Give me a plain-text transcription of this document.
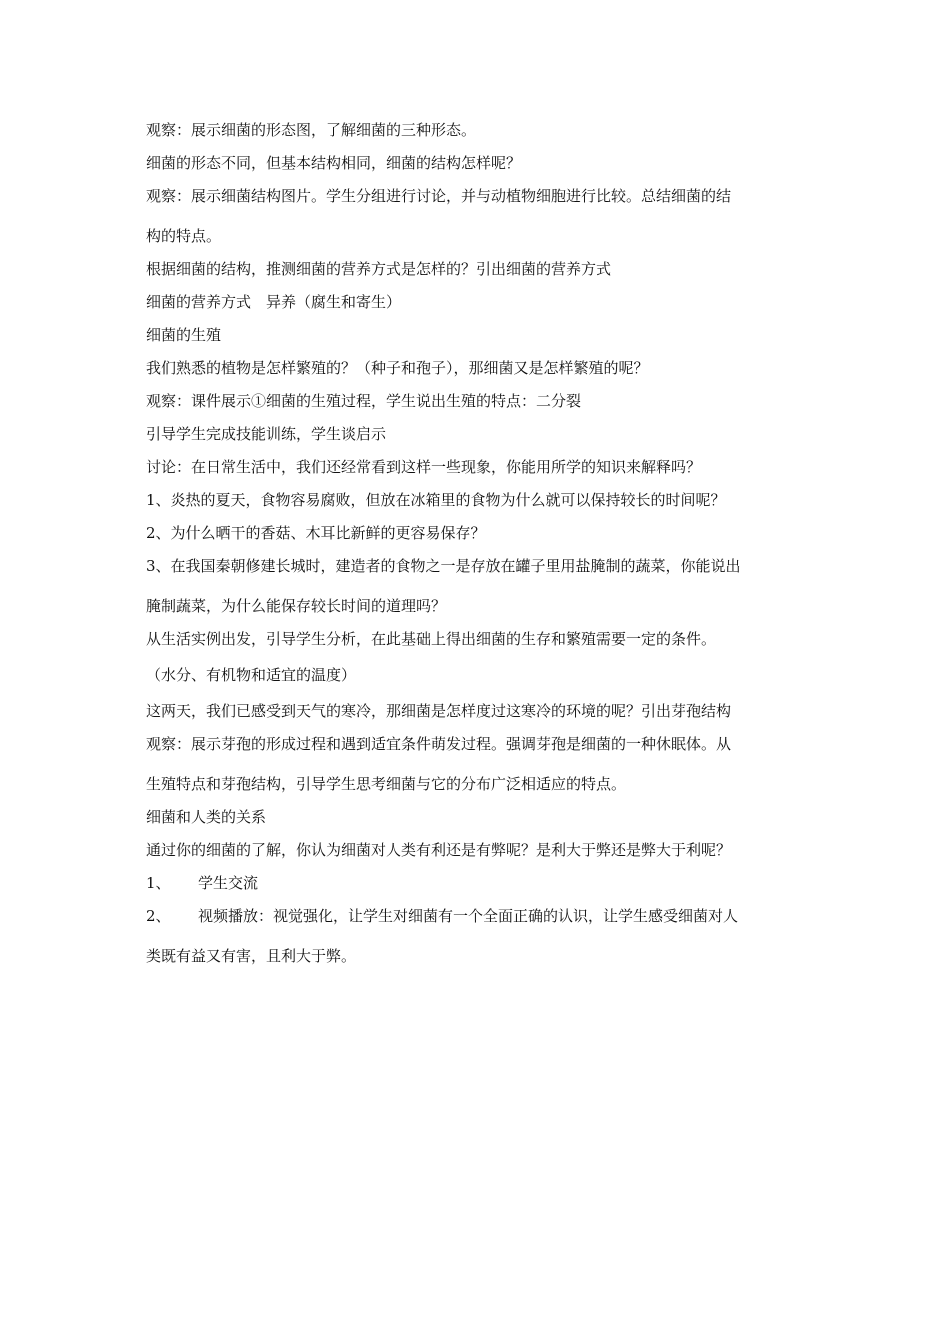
观察：展示细菌的形态图，了解细菌的三种形态。
细菌的形态不同，但基本结构相同，细菌的结构怎样呢？
观察：展示细菌结构图片。学生分组进行讨论，并与动植物细胞进行比较。总结细菌的结
构的特点。
根据细菌的结构，推测细菌的营养方式是怎样的？引出细菌的营养方式
细菌的营养方式　异养（腐生和寄生）
细菌的生殖
我们熟悉的植物是怎样繁殖的？（种子和孢子），那细菌又是怎样繁殖的呢？
观察：课件展示①细菌的生殖过程，学生说出生殖的特点：二分裂
引导学生完成技能训练，学生谈启示
讨论：在日常生活中，我们还经常看到这样一些现象，你能用所学的知识来解释吗？
1、炎热的夏天，食物容易腐败，但放在冰箱里的食物为什么就可以保持较长的时间呢？
2、为什么晒干的香菇、木耳比新鲜的更容易保存？
3、在我国秦朝修建长城时，建造者的食物之一是存放在罐子里用盐腌制的蔬菜，你能说出
腌制蔬菜，为什么能保存较长时间的道理吗？
从生活实例出发，引导学生分析，在此基础上得出细菌的生存和繁殖需要一定的条件。
（水分、有机物和适宜的温度）
这两天，我们已感受到天气的寒冷，那细菌是怎样度过这寒冷的环境的呢？引出芽孢结构
观察：展示芽孢的形成过程和遇到适宜条件萌发过程。强调芽孢是细菌的一种休眠体。从
生殖特点和芽孢结构，引导学生思考细菌与它的分布广泛相适应的特点。
细菌和人类的关系
通过你的细菌的了解，你认为细菌对人类有利还是有弊呢？是利大于弊还是弊大于利呢？
1、 学生交流
2、 视频播放：视觉强化，让学生对细菌有一个全面正确的认识，让学生感受细菌对人
类既有益又有害，且利大于弊。
